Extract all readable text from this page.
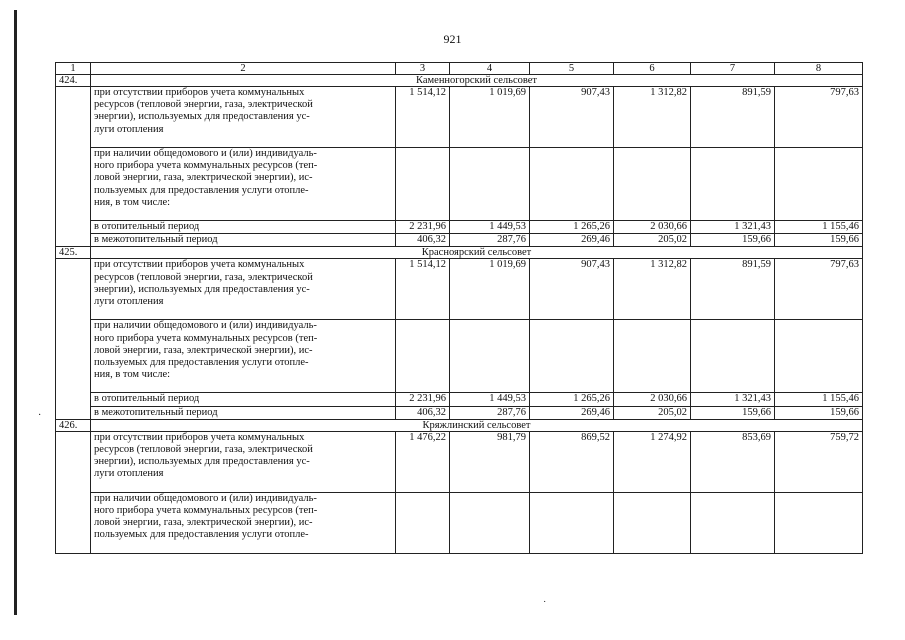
921
1	2	3	4	5	6	7	8
424.	Каменногорский сельсовет						

	при отсутствии приборов учета коммунальных
ресурсов (тепловой энергии, газа, электрической
энергии), используемых для предоставления ус-
луги отопления	1 514,12	1 019,69	907,43	1 312,82	891,59	797,63

	при наличии общедомового и (или) индивидуаль-
ного прибора учета коммунальных ресурсов (теп-
ловой энергии, газа, электрической энергии), ис-
пользуемых для предоставления услуги отопле-
ния, в том числе:						

	в отопительный период	2 231,96	1 449,53	1 265,26	2 030,66	1 321,43	1 155,46

	в межотопительный период	406,32	287,76	269,46	205,02	159,66	159,66
425.	Красноярский сельсовет						

	при отсутствии приборов учета коммунальных
ресурсов (тепловой энергии, газа, электрической
энергии), используемых для предоставления ус-
луги отопления	1 514,12	1 019,69	907,43	1 312,82	891,59	797,63

	при наличии общедомового и (или) индивидуаль-
ного прибора учета коммунальных ресурсов (теп-
ловой энергии, газа, электрической энергии), ис-
пользуемых для предоставления услуги отопле-
ния, в том числе:						

	в отопительный период	2 231,96	1 449,53	1 265,26	2 030,66	1 321,43	1 155,46

	в межотопительный период	406,32	287,76	269,46	205,02	159,66	159,66
426.	Кряжлинский сельсовет						

	при отсутствии приборов учета коммунальных
ресурсов (тепловой энергии, газа, электрической
энергии), используемых для предоставления ус-
луги отопления	1 476,22	981,79	869,52	1 274,92	853,69	759,72

	при наличии общедомового и (или) индивидуаль-
ного прибора учета коммунальных ресурсов (теп-
ловой энергии, газа, электрической энергии), ис-
пользуемых для предоставления услуги отопле-						

·
˙
